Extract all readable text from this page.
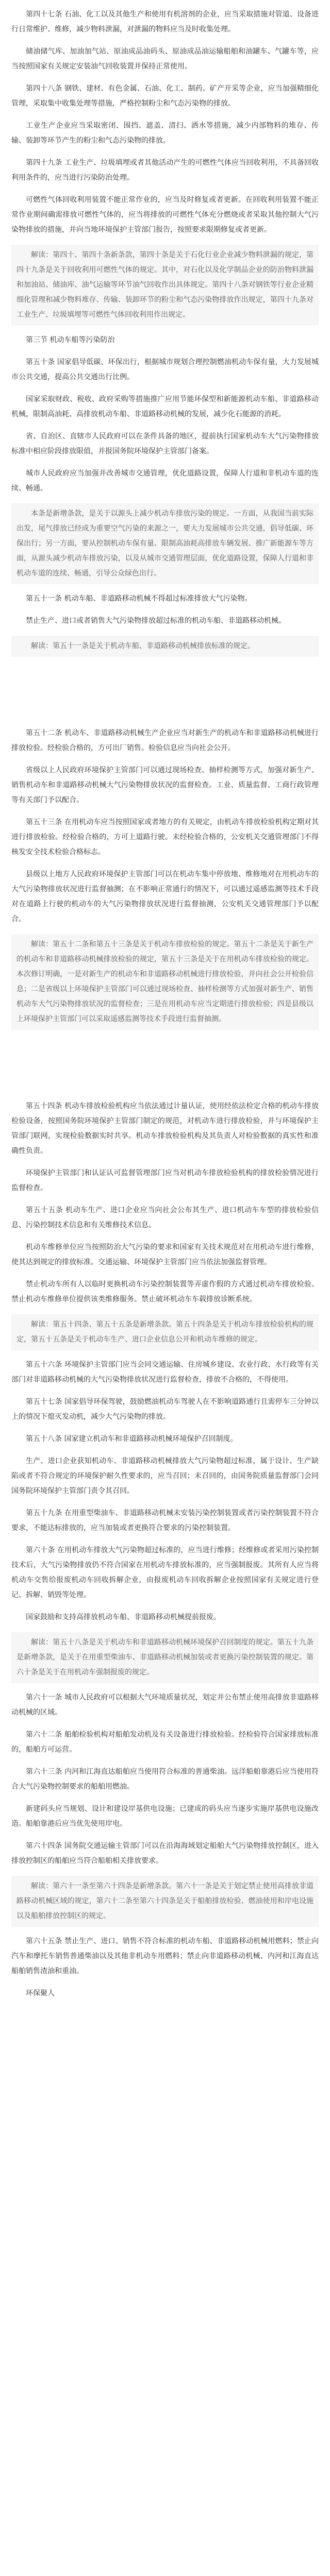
第四十七条 石油、化工以及其他生产和使用有机溶剂的企业，应当采取措施对管道、设备进行日常维护、维修，减少物料泄漏，对泄漏的物料应当及时收集处理。

储油储气库、加油加气站、原油成品油码头、原油成品油运输船舶和油罐车、气罐车等，应当按照国家有关规定安装油气回收装置并保持正常使用。

第四十八条 钢铁、建材、有色金属、石油、化工、制药、矿产开采等企业，应当加强精细化管理，采取集中收集处理等措施，严格控制粉尘和气态污染物的排放。

工业生产企业应当采取密闭、围挡、遮盖、清扫、洒水等措施，减少内部物料的堆存、传输、装卸等环节产生的粉尘和气态污染物的排放。

第四十九条 工业生产、垃圾填埋或者其他活动产生的可燃性气体应当回收利用，不具备回收利用条件的，应当进行污染防治处理。

可燃性气体回收利用装置不能正常作业的，应当及时修复或者更新。在回收利用装置不能正常作业期间确需排放可燃性气体的，应当将排放的可燃性气体充分燃烧或者采取其他控制大气污染物排放的措施，并向当地环境保护主管部门报告，按照要求限期修复或者更新。

解读：第四十、第四十条新条款，第四十条是关于石化行业企业减少物料泄漏的规定，第四十九条是关于回收利用可燃性气体的规定。其中，对石化以及化学制品企业的防治物料泄漏和加油站、储油库、油气运输等环节油气回收作出具体规定。第四十八条对钢铁等行业企业精细化管理和减少物料堆存、传输、装卸环节的粉尘和气态污染物排放作出规定，第四十九条对工业生产、垃圾填埋等可燃性气体回收利用作出规定。

第三节 机动车船等污染防治

第五十条 国家倡导低碳、环保出行，根据城市规划合理控制燃油机动车保有量，大力发展城市公共交通，提高公共交通出行比例。

国家采取财政、税收、政府采购等措施推广应用节能环保型和新能源机动车船、非道路移动机械，限制高油耗、高排放机动车船、非道路移动机械的发展，减少化石能源的消耗。

省、自治区、直辖市人民政府可以在条件具备的地区，提前执行国家机动车大气污染物排放标准中相应阶段排放限值，并报国务院环境保护主管部门备案。

城市人民政府应当加强并改善城市交通管理，优化道路设置，保障人行道和非机动车道的连续、畅通。

本条是新增条款，是关于以源头上减少机动车排放污染的规定。一方面，从我国当前实际出发，尾气排放已经成为重要空气污染的来源之一，要大力发展城市公共交通，倡导低碳、环保出行；另一方面，要从控制机动车保有量、限制高油耗高排放车辆发展、推广新能源车等方面，从源头减少机动车排放污染，以及从城市交通管理层面，优化道路设置，保障人行道和非机动车道的连续、畅通，引导公众绿色出行。

第五十一条 机动车船、非道路移动机械不得超过标准排放大气污染物。

禁止生产、进口或者销售大气污染物排放超过标准的机动车船、非道路移动机械。

解读：第五十一条是关于机动车船、非道路移动机械排放标准的规定。

第五十二条 机动车、非道路移动机械生产企业应当对新生产的机动车和非道路移动机械进行排放检验。经检验合格的，方可出厂销售。检验信息应当向社会公开。

省级以上人民政府环境保护主管部门可以通过现场检查、抽样检测等方式，加强对新生产、销售机动车和非道路移动机械大气污染物排放状况的监督检查。工业、质量监督、工商行政管理等有关部门予以配合。

第五十三条 在用机动车应当按照国家或者地方的有关规定，由机动车排放检验机构定期对其进行排放检验。经检验合格的，方可上道路行驶。未经检验合格的，公安机关交通管理部门不得核发安全技术检验合格标志。

县级以上地方人民政府环境保护主管部门可以在机动车集中停放地、维修地对在用机动车的大气污染物排放状况进行监督抽测；在不影响正常通行的情况下，可以通过遥感监测等技术手段对在道路上行驶的机动车的大气污染物排放状况进行监督抽测，公安机关交通管理部门予以配合。

解读：第五十二条和第五十三条是关于机动车排放检验的规定。第五十二条是关于新生产的机动车和非道路移动机械排放检验的规定，第五十三条是关于在用机动车排放检验的规定。本次修订明确，一是对新生产的机动车和非道路移动机械进行排放检验，并向社会公开检验信息；二是省级以上环境保护主管部门可以通过现场检查、抽样检测等方式加强对新生产、销售机动车大气污染物排放状况的监督检查；三是在用机动车应当定期进行排放检验；四是县级以上环境保护主管部门可以采取遥感监测等技术手段进行监督抽测。

第五十四条 机动车排放检验机构应当依法通过计量认证，使用经依法检定合格的机动车排放检验设备，按照国务院环境保护主管部门制定的规范，对机动车进行排放检验，并与环境保护主管部门联网，实现检验数据实时共享。机动车排放检验机构及其负责人对检验数据的真实性和准确性负责。

环境保护主管部门和认证认可监督管理部门应当对机动车排放检验机构的排放检验情况进行监督检查。

第五十五条 机动车生产、进口企业应当向社会公布其生产、进口机动车车型的排放检验信息、污染控制技术信息和有关维修技术信息。

机动车维修单位应当按照防治大气污染的要求和国家有关技术规范对在用机动车进行维修，使其达到规定的排放标准。交通运输、环境保护主管部门应当依法加强监督管理。

禁止机动车所有人以临时更换机动车污染控制装置等弄虚作假的方式通过机动车排放检验。禁止机动车维修单位提供该类维修服务。禁止破坏机动车车载排放诊断系统。

解读：第五十四条、第五十五条是新增条款。第五十四条是关于机动车排放检验机构的规定，第五十五条是关于机动车生产、进口企业信息公开和机动车维修的规定。

第五十六条 环境保护主管部门应当会同交通运输、住房城乡建设、农业行政、水行政等有关部门对非道路移动机械的大气污染物排放状况进行监督检查，排放不合格的，不得使用。

第五十七条 国家倡导环保驾驶，鼓励燃油机动车驾驶人在不影响道路通行且需停车三分钟以上的情况下熄灭发动机，减少大气污染物的排放。

第五十八条 国家建立机动车和非道路移动机械环境保护召回制度。

生产、进口企业获知机动车、非道路移动机械排放大气污染物超过标准，属于设计、生产缺陷或者不符合规定的环境保护耐久性要求的，应当召回；未召回的，由国务院质量监督部门会同国务院环境保护主管部门责令其召回。

第五十九条 在用重型柴油车、非道路移动机械未安装污染控制装置或者污染控制装置不符合要求，不能达标排放的，应当加装或者更换符合要求的污染控制装置。

第六十条 在用机动车排放大气污染物超过标准的，应当进行维修；经维修或者采用污染控制技术后，大气污染物排放仍不符合国家在用机动车排放标准的，应当强制报废。其所有人应当将机动车交售给报废机动车回收拆解企业，由报废机动车回收拆解企业按照国家有关规定进行登记、拆解、销毁等处理。

国家鼓励和支持高排放机动车船、非道路移动机械提前报废。

解读：第五十八条是关于机动车和非道路移动机械环境保护召回制度的规定。第五十九条是新增条款，是关于在用重型柴油车、非道路移动机械加装或者更换污染控制装置的规定。第六十条是关于在用机动车强制报废的规定。

第六十一条 城市人民政府可以根据大气环境质量状况，划定并公布禁止使用高排放非道路移动机械的区域。

第六十二条 船舶检验机构对船舶发动机及有关设备进行排放检验。经检验符合国家排放标准的，船舶方可运营。

第六十三条 内河和江海直达船舶应当使用符合标准的普通柴油。远洋船舶靠港后应当使用符合大气污染物控制要求的船舶用燃油。

新建码头应当规划、设计和建设岸基供电设施；已建成的码头应当逐步实施岸基供电设施改造。船舶靠港后应当优先使用岸电。

第六十四条 国务院交通运输主管部门可以在沿海海域划定船舶大气污染物排放控制区，进入排放控制区的船舶应当符合船舶相关排放要求。

解读：第六十一条至第六十四条是新增条款。第六十一条是关于划定禁止使用高排放非道路移动机械区域的规定，第六十二条至第六十四条是关于船舶排放检验、燃油使用和岸电设施以及船舶排放控制区的规定。

第六十五条 禁止生产、进口、销售不符合标准的机动车船、非道路移动机械用燃料；禁止向汽车和摩托车销售普通柴油以及其他非机动车用燃料；禁止向非道路移动机械、内河和江海直达船舶销售渣油和重油。

环保聚人
